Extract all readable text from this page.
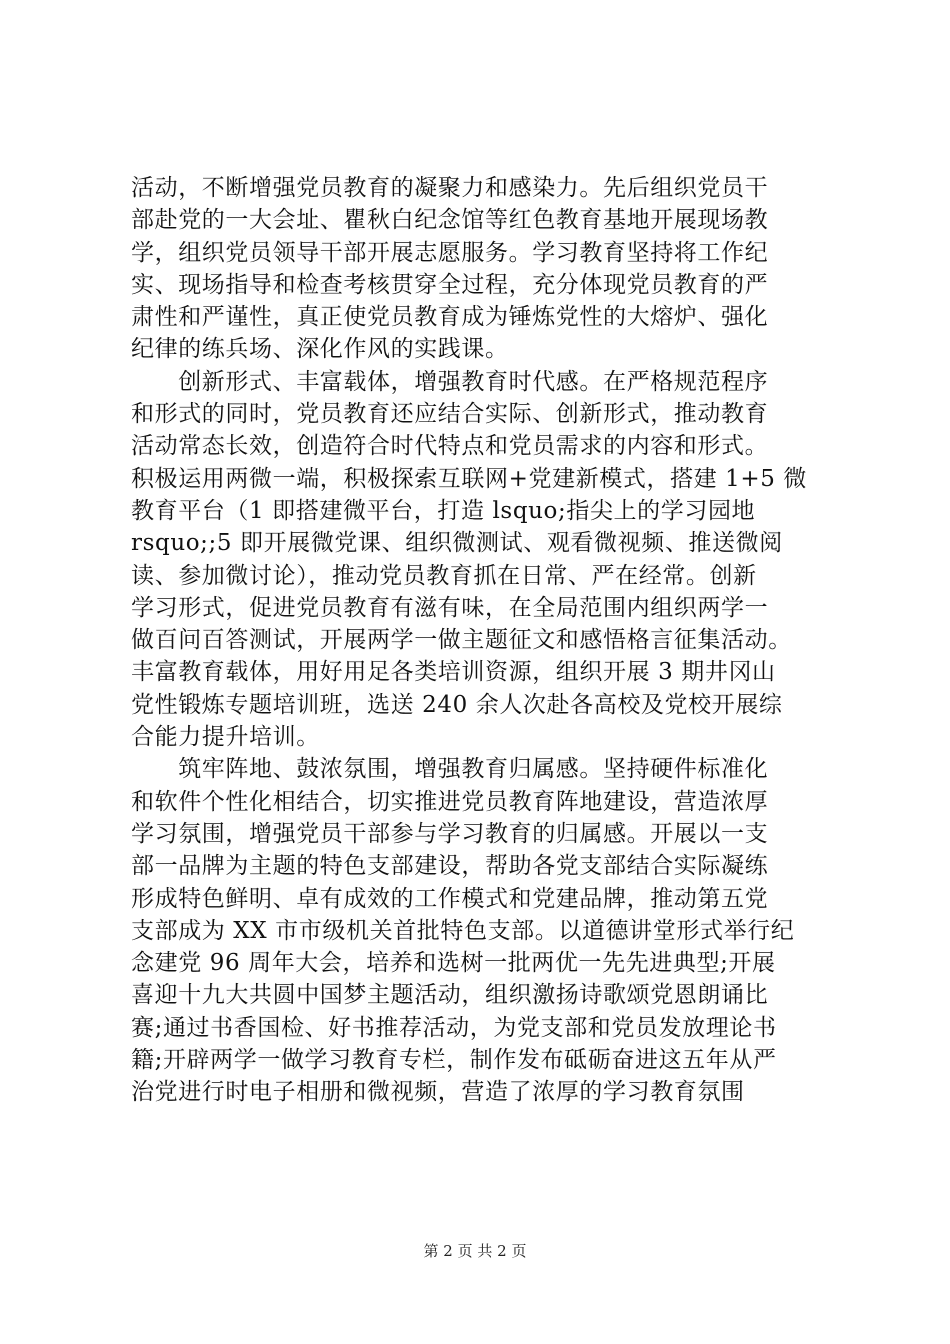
活动，不断增强党员教育的凝聚力和感染力。先后组织党员干
部赴党的一大会址、瞿秋白纪念馆等红色教育基地开展现场教
学，组织党员领导干部开展志愿服务。学习教育坚持将工作纪
实、现场指导和检查考核贯穿全过程，充分体现党员教育的严
肃性和严谨性，真正使党员教育成为锤炼党性的大熔炉、强化
纪律的练兵场、深化作风的实践课。
　　创新形式、丰富载体，增强教育时代感。在严格规范程序
和形式的同时，党员教育还应结合实际、创新形式，推动教育
活动常态长效，创造符合时代特点和党员需求的内容和形式。
积极运用两微一端，积极探索互联网+党建新模式，搭建 1+5 微
教育平台（1 即搭建微平台，打造 lsquo;指尖上的学习园地
rsquo;;5 即开展微党课、组织微测试、观看微视频、推送微阅
读、参加微讨论），推动党员教育抓在日常、严在经常。创新
学习形式，促进党员教育有滋有味，在全局范围内组织两学一
做百问百答测试，开展两学一做主题征文和感悟格言征集活动。
丰富教育载体，用好用足各类培训资源，组织开展 3 期井冈山
党性锻炼专题培训班，选送 240 余人次赴各高校及党校开展综
合能力提升培训。
　　筑牢阵地、鼓浓氛围，增强教育归属感。坚持硬件标准化
和软件个性化相结合，切实推进党员教育阵地建设，营造浓厚
学习氛围，增强党员干部参与学习教育的归属感。开展以一支
部一品牌为主题的特色支部建设，帮助各党支部结合实际凝练
形成特色鲜明、卓有成效的工作模式和党建品牌，推动第五党
支部成为 XX 市市级机关首批特色支部。以道德讲堂形式举行纪
念建党 96 周年大会，培养和选树一批两优一先先进典型;开展
喜迎十九大共圆中国梦主题活动，组织激扬诗歌颂党恩朗诵比
赛;通过书香国检、好书推荐活动，为党支部和党员发放理论书
籍;开辟两学一做学习教育专栏，制作发布砥砺奋进这五年从严
治党进行时电子相册和微视频，营造了浓厚的学习教育氛围
第 2 页 共 2 页
